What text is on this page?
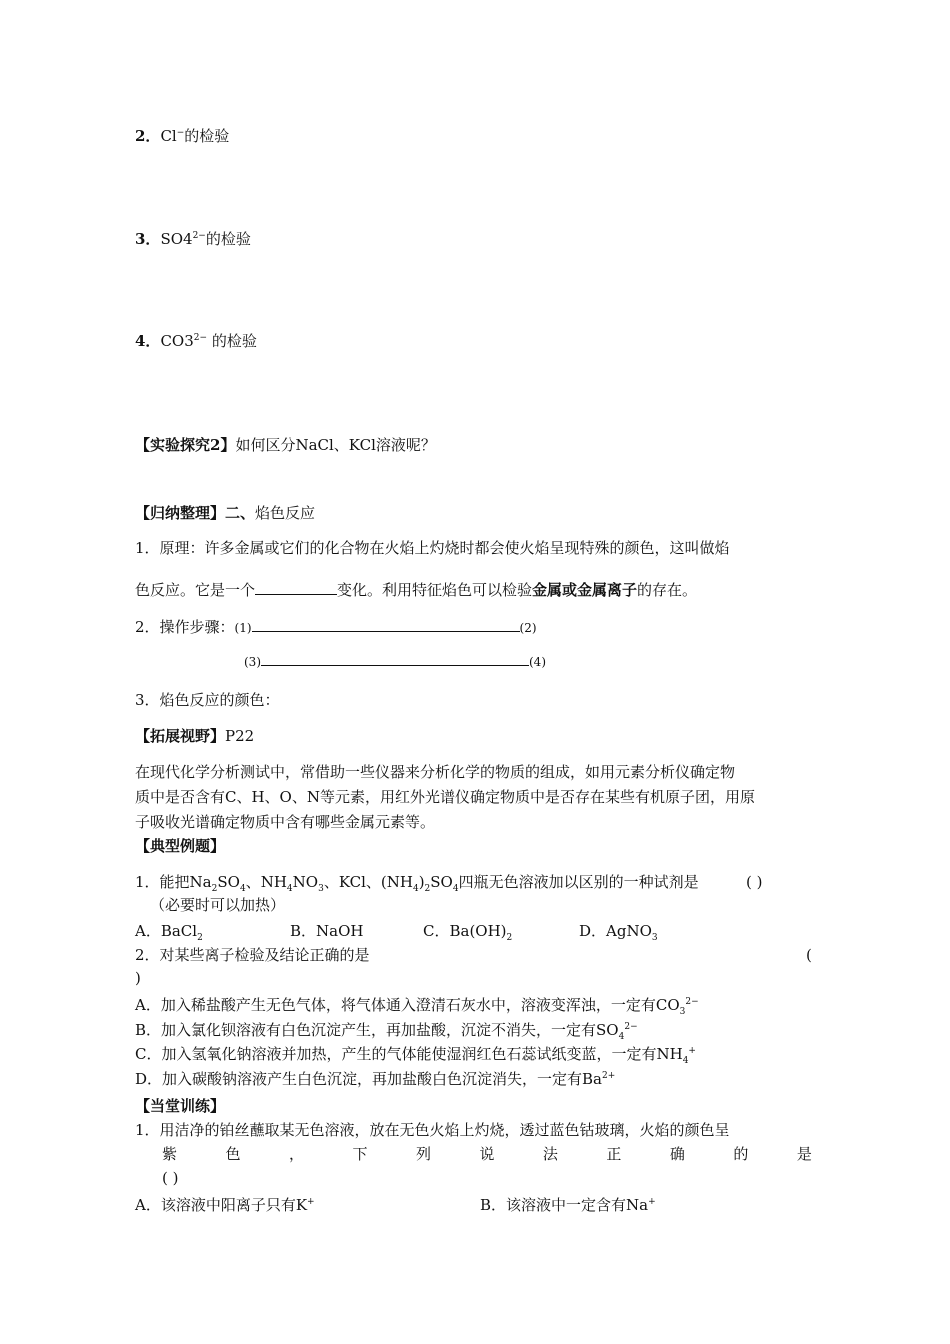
2．Cl−的检验
3．$SO4^{2-}$的检验
4．$CO3^{2-}$ 的检验
【实验探究2】如何区分NaCl、KCl溶液呢？
【归纳整理】二、焰色反应
1．原理：许多金属或它们的化合物在火焰上灼烧时都会使火焰呈现特殊的颜色，这叫做焰
色反应。它是一个	变化。利用特征焰色可以检验金属或金属离子的存在。
2．操作步骤：(1)	(2)
(3)	(4)
3．焰色反应的颜色：
【拓展视野】P22
在现代化学分析测试中，常借助一些仪器来分析化学的物质的组成，如用元素分析仪确定物
质中是否含有C、H、O、N等元素，用红外光谱仪确定物质中是否存在某些有机原子团，用原
子吸收光谱确定物质中含有哪些金属元素等。
【典型例题】
1．能把$Na_2SO_4$、$NH_4NO_3$、KCl、$(NH_4)_2SO_4$四瓶无色溶液加以区别的一种试剂是	( )
（必要时可以加热）
A．BaCl$_2$	B．NaOH	C．$Ba(OH)_2$	D．AgNO$_3$
2．对某些离子检验及结论正确的是	(
)
A．加入稀盐酸产生无色气体，将气体通入澄清石灰水中，溶液变浑浊，一定有$CO_3^{2-}$
B．加入氯化钡溶液有白色沉淀产生，再加盐酸，沉淀不消失，一定有$SO_4^{2-}$
C．加入氢氧化钠溶液并加热，产生的气体能使湿润红色石蕊试纸变蓝，一定有$NH_4^+$
D．加入碳酸钠溶液产生白色沉淀，再加盐酸白色沉淀消失，一定有$Ba^{2+}$
【当堂训练】
1．用洁净的铂丝蘸取某无色溶液，放在无色火焰上灼烧，透过蓝色钴玻璃，火焰的颜色呈
紫	色	，	下	列	说	法	正	确	的	是
( )
A．该溶液中阳离子只有K+	B．该溶液中一定含有Na+
